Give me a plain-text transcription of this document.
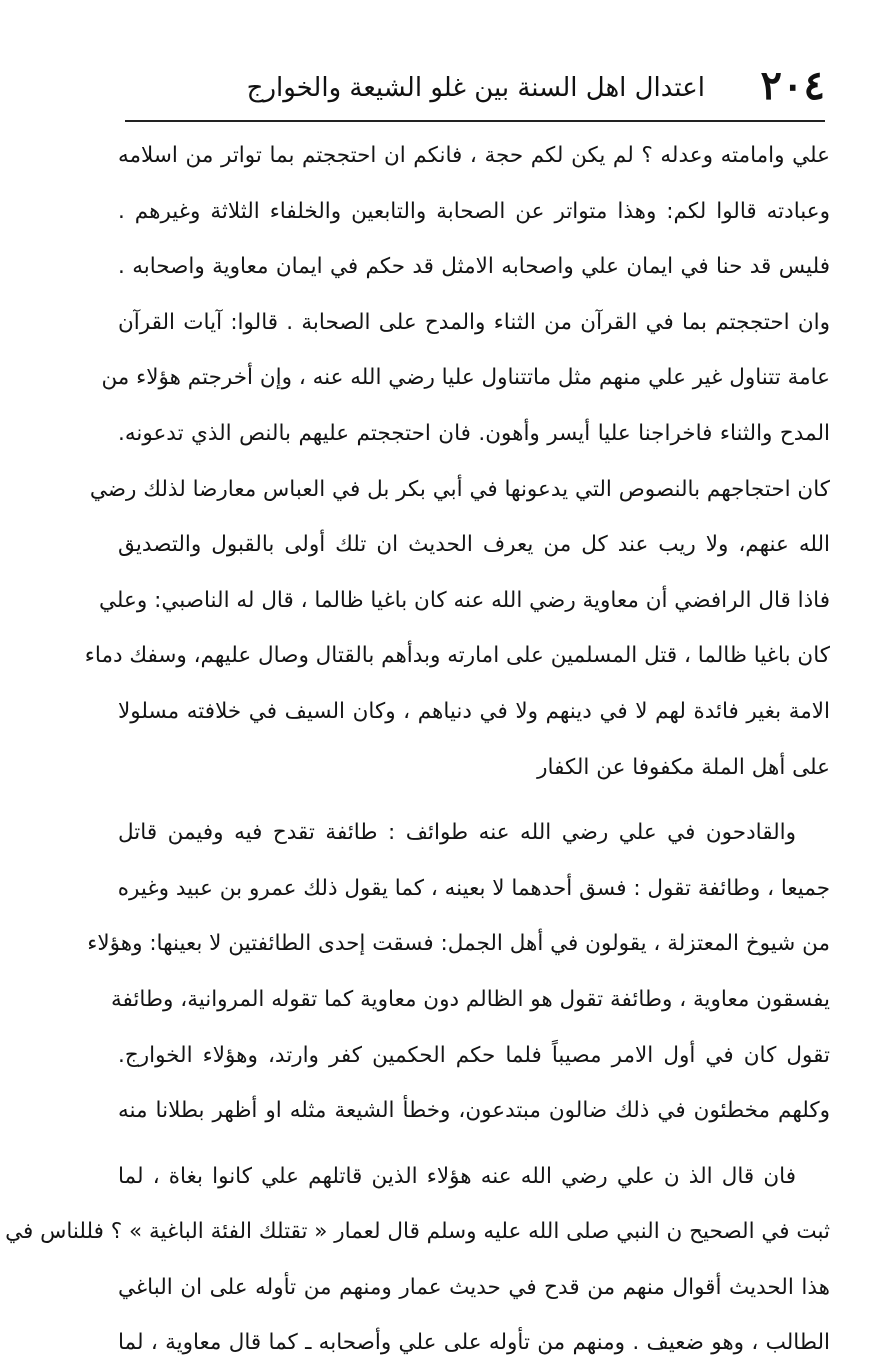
٢٠٤
اعتدال اهل السنة بين غلو الشيعة والخوارج
علي وامامته وعدله ؟ لم يكن لكم حجة ، فانكم ان احتججتم بما تواتر من اسلامه
وعبادته قالوا لكم: وهذا متواتر عن الصحابة والتابعين والخلفاء الثلاثة وغيرهم .
فليس قد حنا في ايمان علي واصحابه الامثل قد حكم في ايمان معاوية واصحابه .
وان احتججتم بما في القرآن من الثناء والمدح على الصحابة . قالوا: آيات القرآن
عامة تتناول غير علي منهم مثل ماتتناول عليا رضي الله عنه ، وإن أخرجتم هؤلاء من
المدح والثناء فاخراجنا عليا أيسر وأهون. فان احتججتم عليهم بالنص الذي تدعونه.
كان احتجاجهم بالنصوص التي يدعونها في أبي بكر بل في العباس معارضا لذلك رضي
الله عنهم، ولا ريب عند كل من يعرف الحديث ان تلك أولى بالقبول والتصديق
فاذا قال الرافضي أن معاوية رضي الله عنه كان باغيا ظالما ، قال له الناصبي: وعلي
كان باغيا ظالما ، قتل المسلمين على امارته وبدأهم بالقتال وصال عليهم، وسفك دماء
الامة بغير فائدة لهم لا في دينهم ولا في دنياهم ، وكان السيف في خلافته مسلولا
على أهل الملة مكفوفا عن الكفار
والقادحون في علي رضي الله عنه طوائف : طائفة تقدح فيه وفيمن قاتل
جميعا ، وطائفة تقول : فسق أحدهما لا بعينه ، كما يقول ذلك عمرو بن عبيد وغيره
من شيوخ المعتزلة ، يقولون في أهل الجمل: فسقت إحدى الطائفتين لا بعينها: وهؤلاء
يفسقون معاوية ، وطائفة تقول هو الظالم دون معاوية كما تقوله المروانية، وطائفة
تقول كان في أول الامر مصيباً فلما حكم الحكمين كفر وارتد، وهؤلاء الخوارج.
وكلهم مخطئون في ذلك ضالون مبتدعون، وخطأ الشيعة مثله او أظهر بطلانا منه
فان قال الذ ن علي رضي الله عنه هؤلاء الذين قاتلهم علي كانوا بغاة ، لما
ثبت في الصحيح ن النبي صلى الله عليه وسلم قال لعمار « تقتلك الفئة الباغية » ؟ فللناس في
هذا الحديث أقوال منهم من قدح في حديث عمار ومنهم من تأوله على ان الباغي
الطالب ، وهو ضعيف . ومنهم من تأوله على علي وأصحابه ـ كما قال معاوية ، لما
